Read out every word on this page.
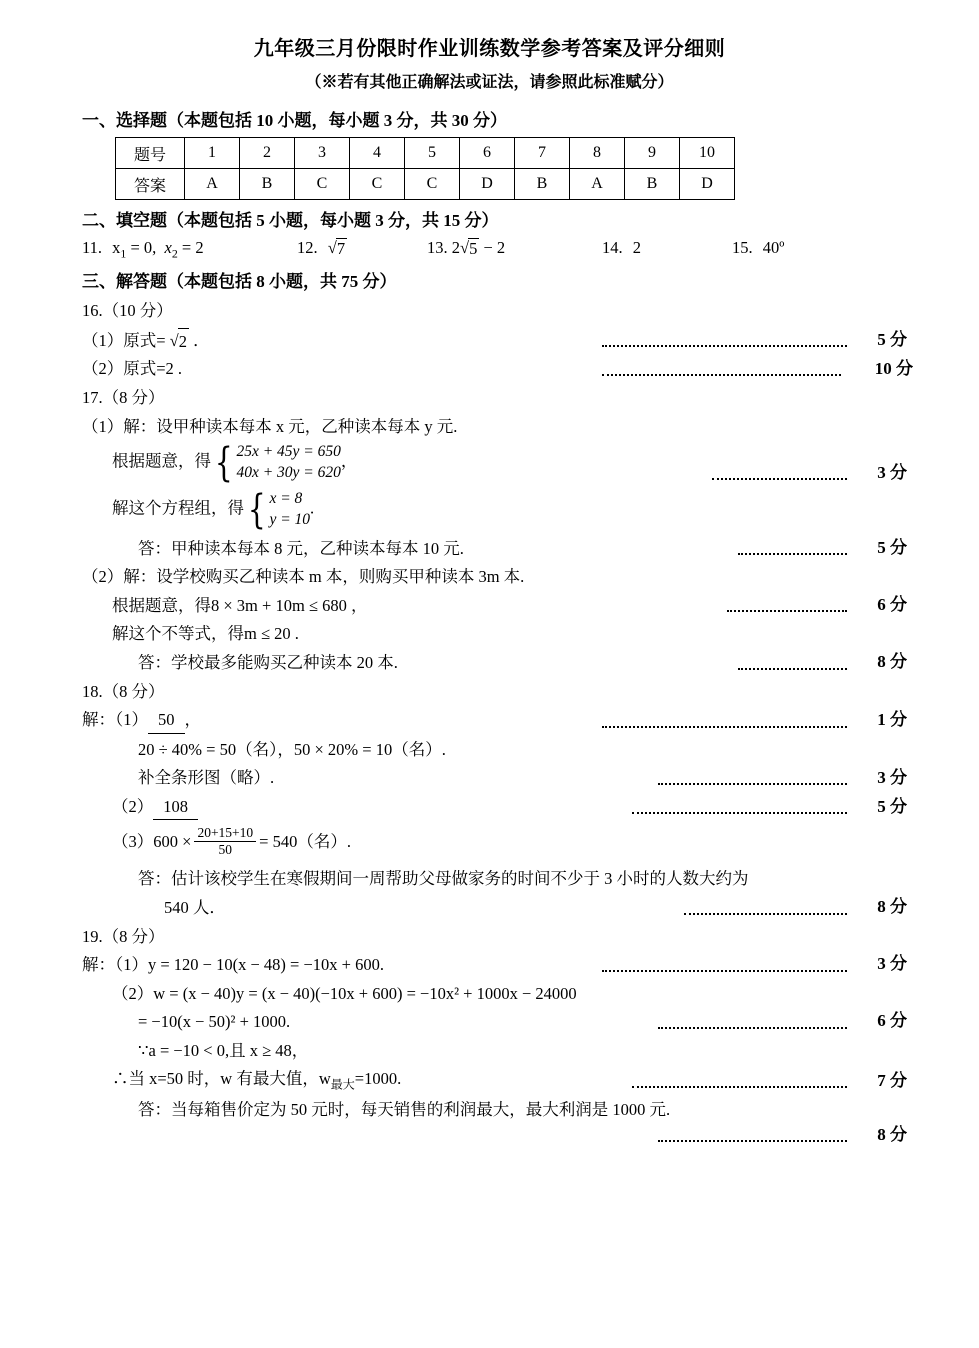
九年级三月份限时作业训练数学参考答案及评分细则
（※若有其他正确解法或证法，请参照此标准赋分）
一、选择题（本题包括 10 小题，每小题 3 分，共 30 分）
题号	1	2	3	4	5	6	7	8	9	10
答案	A	B	C	C	C	D	B	A	B	D
二、填空题（本题包括 5 小题，每小题 3 分，共 15 分）
11. $x_1 = 0$,  $x_2 = 2$	12. √7	13. 2√5 − 2	14. 2	15. 40º
三、解答题（本题包括 8 小题，共 75 分）
16.（10 分）
（1）原式= √2 ．	5 分
（2）原式=2 .	10 分
17.（8 分）
（1）解：设甲种读本每本 x 元，乙种读本每本 y 元.
根据题意，得 { 25x + 45y = 650
40x + 30y = 620
，
3 分
解这个方程组，得 { x = 8
y = 10
.
答：甲种读本每本 8 元，乙种读本每本 10 元.	5 分
（2）解：设学校购买乙种读本 m 本，则购买甲种读本 3m 本.
根据题意，得8 × 3m + 10m ≤ 680 ，	6 分
解这个不等式，得m ≤ 20 .
答：学校最多能购买乙种读本 20 本.	8 分
18.（8 分）
解：（1） 50 ，	1 分
20 ÷ 40% = 50（名），50 × 20% = 10（名）.
补全条形图（略）.	3 分
（2） 108	5 分
$(3)600 \times \frac{20+15+10}{50} = 540$（名）.
答：估计该校学生在寒假期间一周帮助父母做家务的时间不少于 3 小时的人数大约为
540 人．	8 分
19.（8 分）
解：（1）y = 120 − 10(x − 48) = −10x + 600.	3 分
（2）w = (x − 40)y = (x − 40)(−10x + 600) = −10x² + 1000x − 24000
= −10(x − 50)² + 1000.	6 分
∵a = −10 < 0,且 x ≥ 48，
∴当 x=50 时，w 有最大值，$w_{最大}=1000$.	7 分
答：当每箱售价定为 50 元时，每天销售的利润最大，最大利润是 1000 元.
8 分
